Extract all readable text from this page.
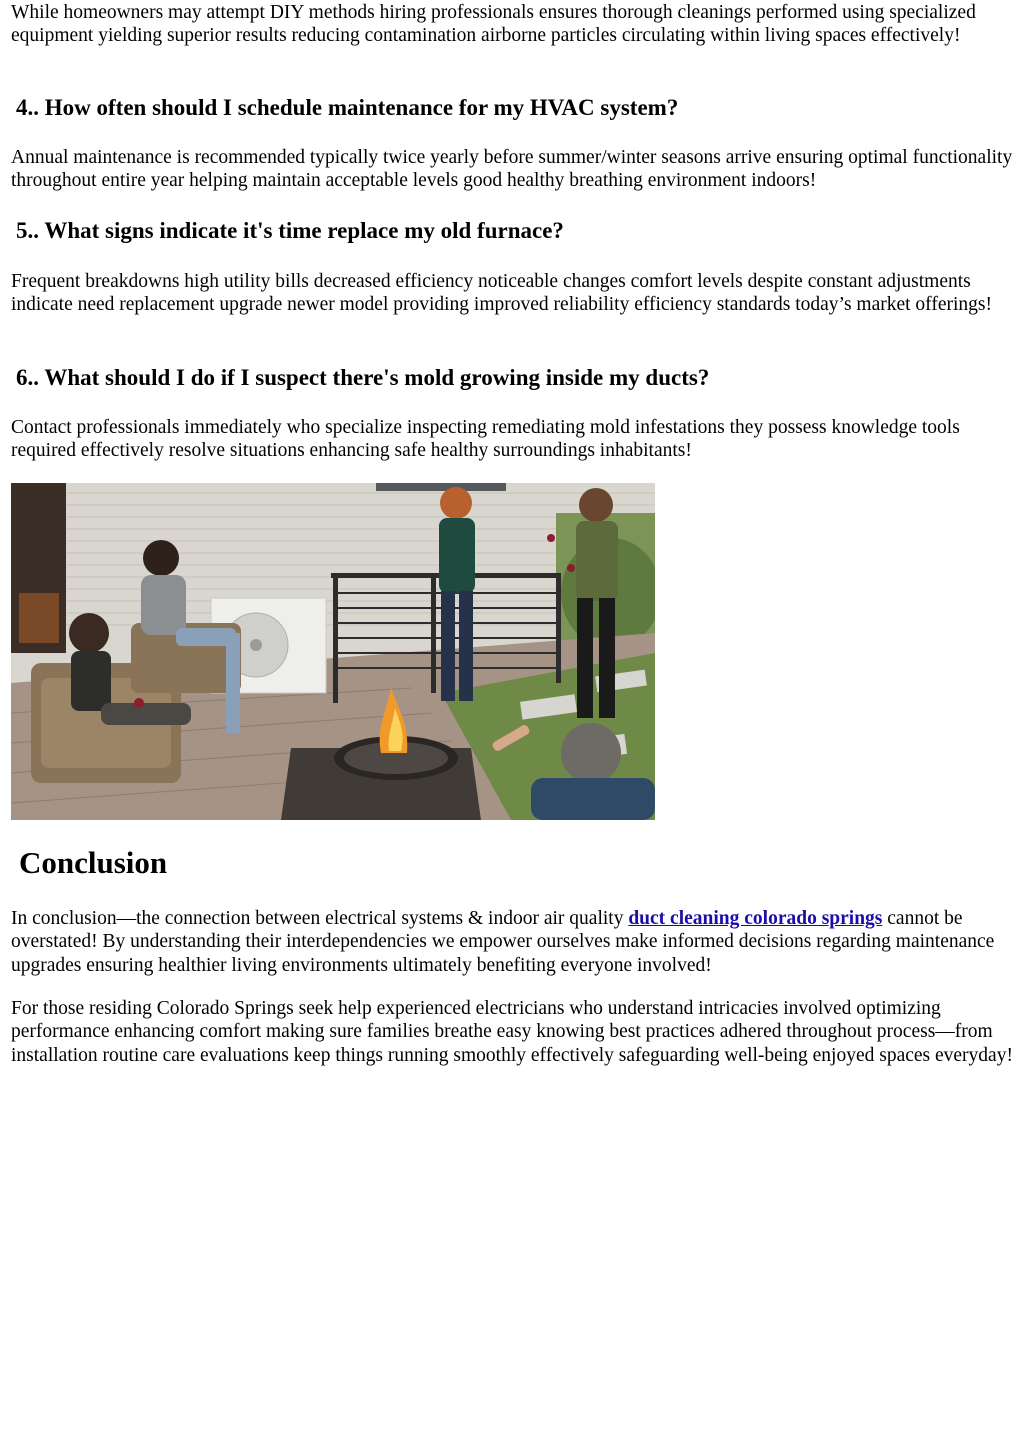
While homeowners may attempt DIY methods hiring professionals ensures thorough cleanings performed using specialized equipment yielding superior results reducing contamination airborne particles circulating within living spaces effectively!

4.. How often should I schedule maintenance for my HVAC system?

Annual maintenance is recommended typically twice yearly before summer/winter seasons arrive ensuring optimal functionality throughout entire year helping maintain acceptable levels good healthy breathing environment indoors!

5.. What signs indicate it's time replace my old furnace?

Frequent breakdowns high utility bills decreased efficiency noticeable changes comfort levels despite constant adjustments indicate need replacement upgrade newer model providing improved reliability efficiency standards today’s market offerings!

6.. What should I do if I suspect there's mold growing inside my ducts?

Contact professionals immediately who specialize inspecting remediating mold infestations they possess knowledge tools required effectively resolve situations enhancing safe healthy surroundings inhabitants!

Conclusion

In conclusion—the connection between electrical systems & indoor air quality duct cleaning colorado springs cannot be overstated! By understanding their interdependencies we empower ourselves make informed decisions regarding maintenance upgrades ensuring healthier living environments ultimately benefiting everyone involved!

For those residing Colorado Springs seek help experienced electricians who understand intricacies involved optimizing performance enhancing comfort making sure families breathe easy knowing best practices adhered throughout process—from installation routine care evaluations keep things running smoothly effectively safeguarding well-being enjoyed spaces everyday!
